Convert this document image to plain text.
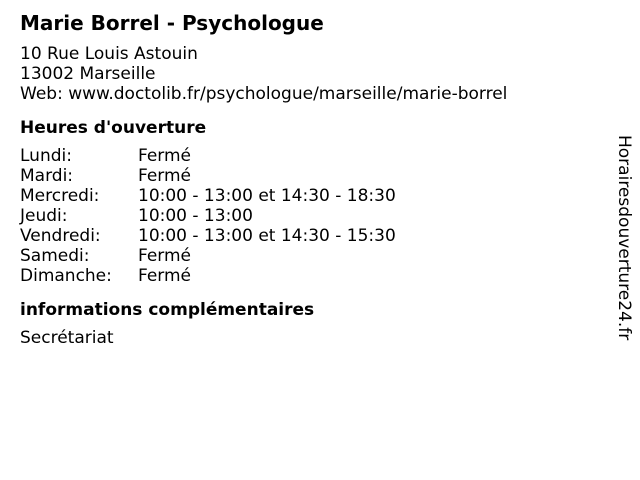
Marie Borrel - Psychologue
10 Rue Louis Astouin
13002 Marseille
Web: www.doctolib.fr/psychologue/marseille/marie-borrel
Heures d'ouverture
Lundi:	Fermé
Mardi:	Fermé
Mercredi:	10:00 - 13:00 et 14:30 - 18:30
Jeudi:	10:00 - 13:00
Vendredi:	10:00 - 13:00 et 14:30 - 15:30
Samedi:	Fermé
Dimanche:	Fermé
informations complémentaires
Secrétariat	Horairesdouverture24.fr
